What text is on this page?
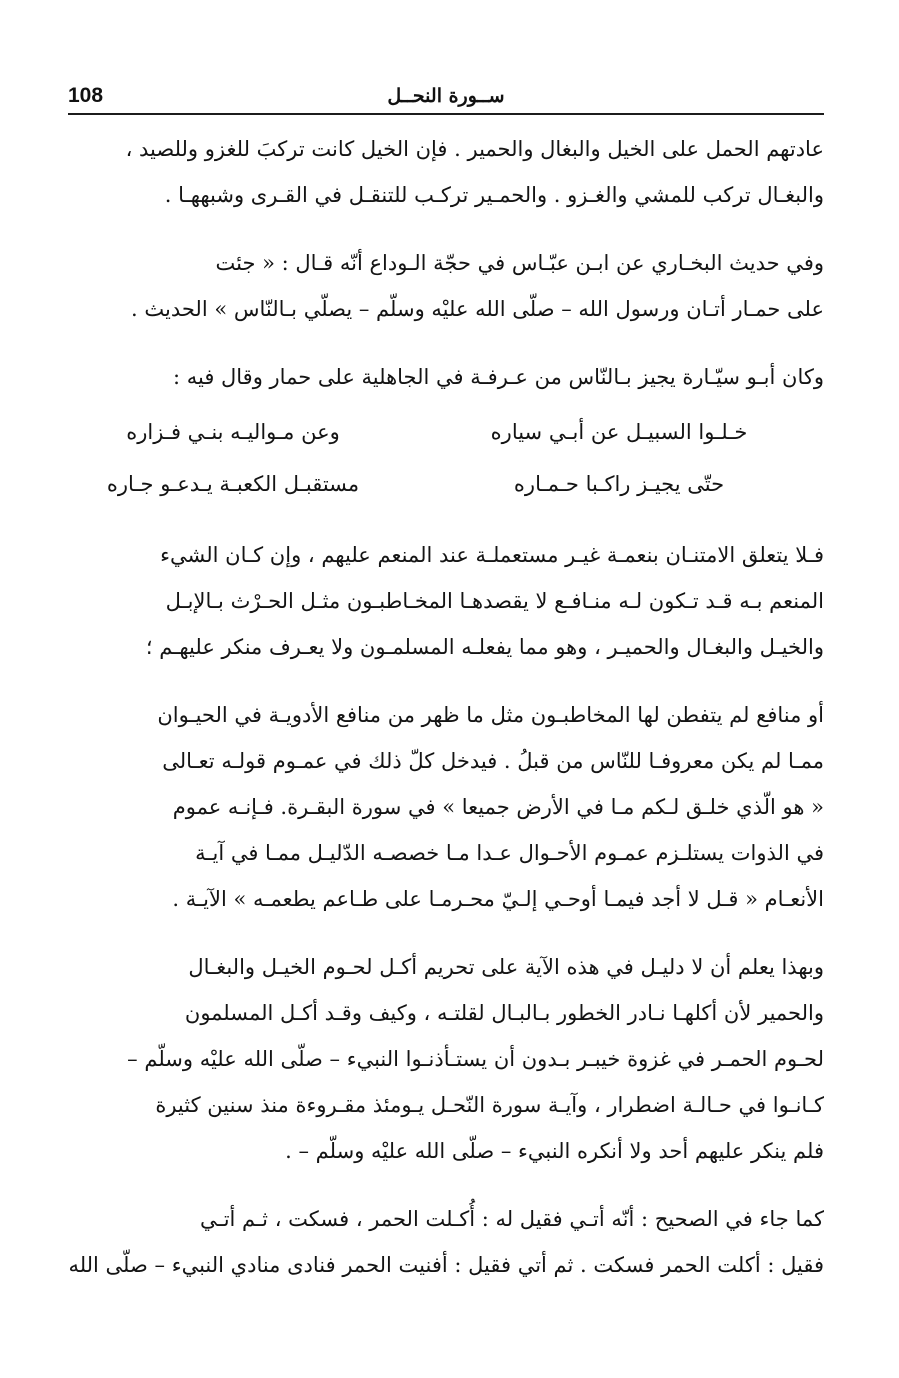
108	ســورة النحــل

عادتهم الحمل على الخيل والبغال والحمير . فإن الخيل كانت تركبَ للغزو وللصيد ،
والبغـال تركب للمشي والغـزو . والحمـير تركـب للتنقـل في القـرى وشبههـا .

وفي حديث البخـاري عن ابـن عبّـاس في حجّة الـوداع أنّه قـال : « جئت
على حمـار أتـان ورسول الله – صلّى الله عليْه وسلّم – يصلّي بـالنّاس » الحديث .

وكان أبـو سيّـارة يجيز بـالنّاس من عـرفـة في الجاهلية على حمار وقال فيه :

خـلـوا السبيـل عن أبـي سياره
وعن مـواليـه بنـي فـزاره
حتّى يجيـز راكـبا حـمـاره
مستقبـل الكعبـة يـدعـو جـاره

فـلا يتعلق الامتنـان بنعمـة غيـر مستعملـة عند المنعم عليهم ، وإن كـان الشيء
المنعم بـه قـد تـكون لـه منـافـع لا يقصدهـا المخـاطبـون مثـل الحـرْث بـالإبـل
والخيـل والبغـال والحميـر ، وهو مما يفعلـه المسلمـون ولا يعـرف منكر عليهـم ؛

أو منافع لم يتفطن لها المخاطبـون مثل ما ظهر من منافع الأدويـة في الحيـوان
ممـا لم يكن معروفـا للنّاس من قبلُ . فيدخل كلّ ذلك في عمـوم قولـه تعـالى
« هو الّذي خلـق لـكم مـا في الأرض جميعا » في سورة البقـرة. فـإنـه عموم
في الذوات يستلـزم عمـوم الأحـوال عـدا مـا خصصـه الدّليـل ممـا في آيـة
الأنعـام « قـل لا أجد فيمـا أوحـي إلـيّ محـرمـا على طـاعم يطعمـه » الآيـة .

وبهذا يعلم أن لا دليـل في هذه الآية على تحريم أكـل لحـوم الخيـل والبغـال
والحمير لأن أكلهـا نـادر الخطور بـالبـال لقلتـه ، وكيف وقـد أكـل المسلمون
لحـوم الحمـر في غزوة خيبـر بـدون أن يستـأذنـوا النبيء – صلّى الله عليْه وسلّم –
كـانـوا في حـالـة اضطرار ، وآيـة سورة النّحـل يـومئذ مقـروءة منذ سنين كثيرة
فلم ينكر عليهم أحد ولا أنكره النبيء – صلّى الله عليْه وسلّم – .

كما جاء في الصحيح : أنّه أتـي فقيل له : أُكـلت الحمر ، فسكت ، ثـم أتـي
فقيل : أكلت الحمر فسكت . ثم أتي فقيل : أفنيت الحمر فنادى منادي النبيء – صلّى الله
